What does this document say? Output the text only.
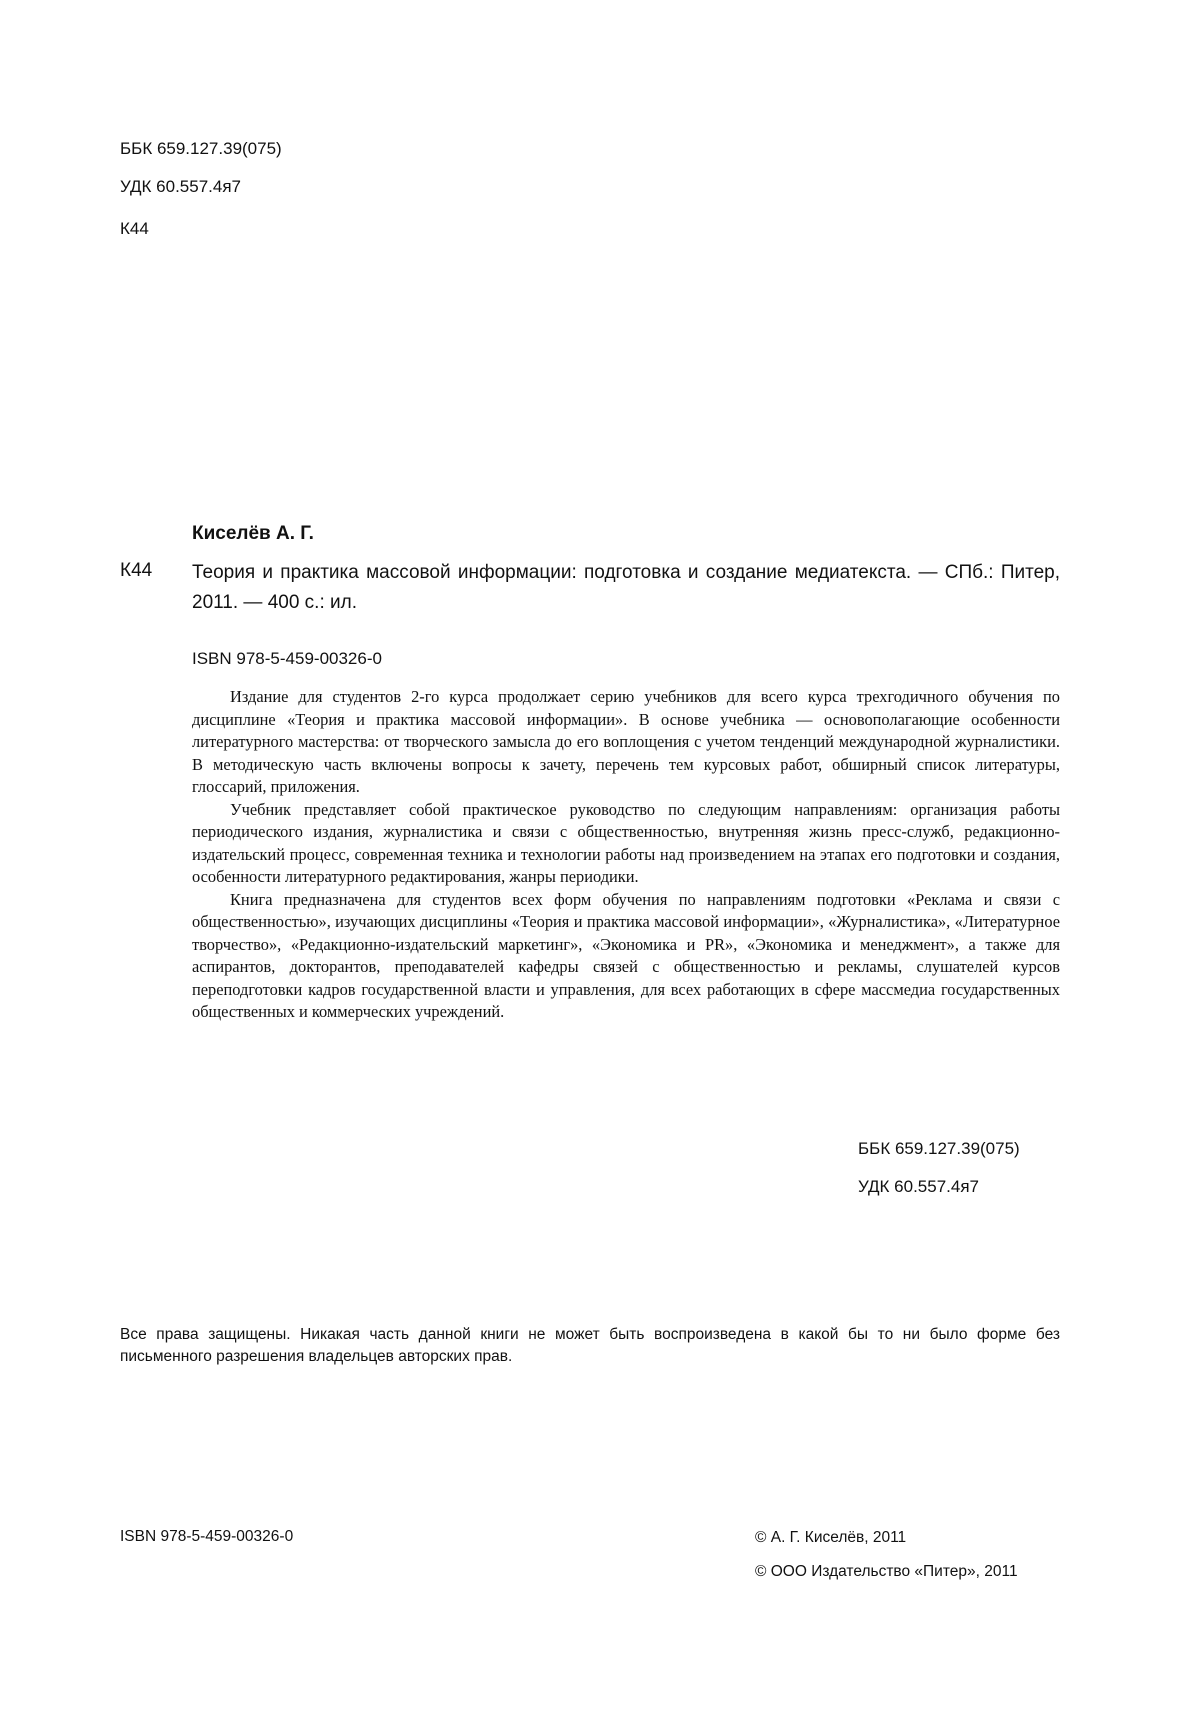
ББК 659.127.39(075)
УДК 60.557.4я7
К44
Киселёв А. Г.
К44 Теория и практика массовой информации: подготовка и создание медиатекста. — СПб.: Питер, 2011. — 400 с.: ил.
ISBN 978-5-459-00326-0

Издание для студентов 2-го курса продолжает серию учебников для всего курса трехгодичного обучения по дисциплине «Теория и практика массовой информации». В основе учебника — основополагающие особенности литературного мастерства: от творческого замысла до его воплощения с учетом тенденций международной журналистики. В методическую часть включены вопросы к зачету, перечень тем курсовых работ, обширный список литературы, глоссарий, приложения.

Учебник представляет собой практическое руководство по следующим направлениям: организация работы периодического издания, журналистика и связи с общественностью, внутренняя жизнь пресс-служб, редакционно-издательский процесс, современная техника и технологии работы над произведением на этапах его подготовки и создания, особенности литературного редактирования, жанры периодики.

Книга предназначена для студентов всех форм обучения по направлениям подготовки «Реклама и связи с общественностью», изучающих дисциплины «Теория и практика массовой информации», «Журналистика», «Литературное творчество», «Редакционно-издательский маркетинг», «Экономика и PR», «Экономика и менеджмент», а также для аспирантов, докторантов, преподавателей кафедры связей с общественностью и рекламы, слушателей курсов переподготовки кадров государственной власти и управления, для всех работающих в сфере массмедиа государственных общественных и коммерческих учреждений.

ББК 659.127.39(075)
УДК 60.557.4я7
Все права защищены. Никакая часть данной книги не может быть воспроизведена в какой бы то ни было форме без письменного разрешения владельцев авторских прав.
ISBN 978-5-459-00326-0	© А. Г. Киселёв, 2011
© ООО Издательство «Питер», 2011
